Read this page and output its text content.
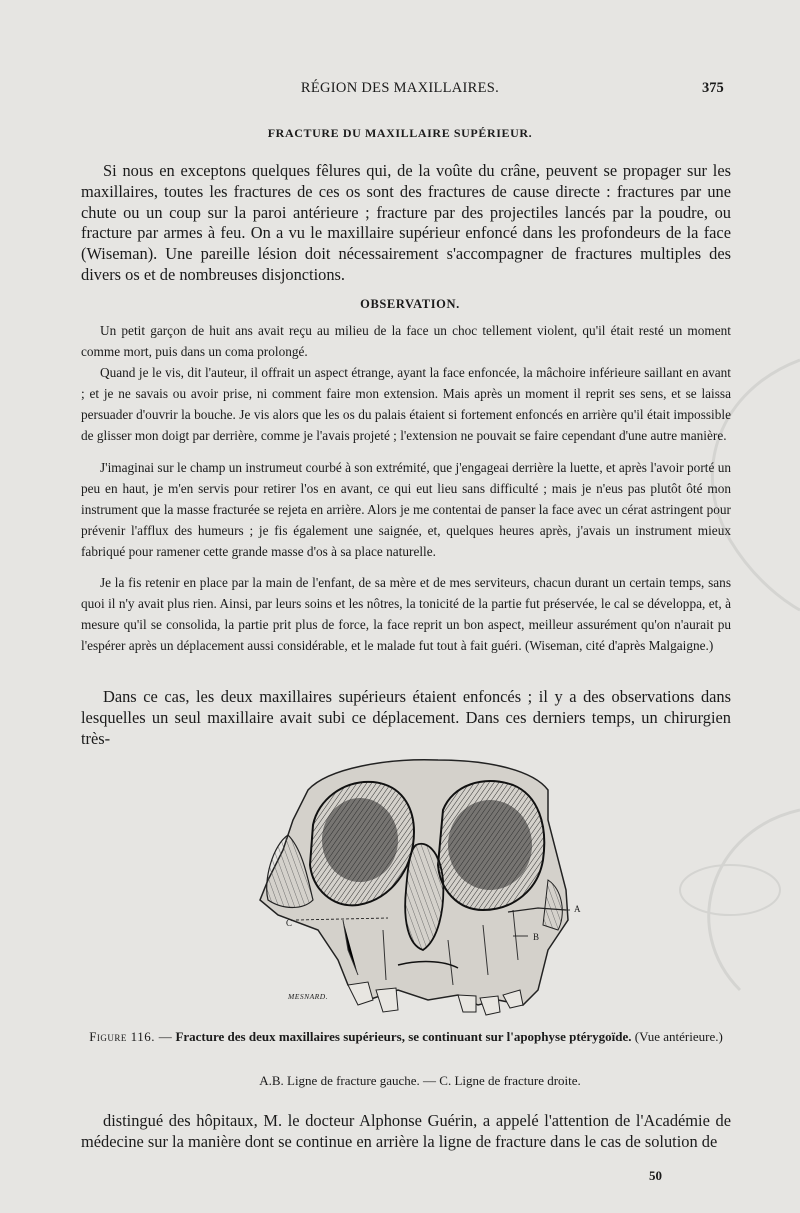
RÉGION DES MAXILLAIRES.	375
FRACTURE DU MAXILLAIRE SUPÉRIEUR.

Si nous en exceptons quelques fêlures qui, de la voûte du crâne, peuvent se propager sur les maxillaires, toutes les fractures de ces os sont des fractures de cause directe : fractures par une chute ou un coup sur la paroi antérieure ; fracture par des projectiles lancés par la poudre, ou fracture par armes à feu. On a vu le maxillaire supérieur enfoncé dans les profondeurs de la face (Wiseman). Une pareille lésion doit nécessairement s'accompagner de fractures multiples des divers os et de nombreuses disjonctions.

OBSERVATION.

Un petit garçon de huit ans avait reçu au milieu de la face un choc tellement violent, qu'il était resté un moment comme mort, puis dans un coma prolongé.

Quand je le vis, dit l'auteur, il offrait un aspect étrange, ayant la face enfoncée, la mâchoire inférieure saillant en avant ; et je ne savais ou avoir prise, ni comment faire mon extension. Mais après un moment il reprit ses sens, et se laissa persuader d'ouvrir la bouche. Je vis alors que les os du palais étaient si fortement enfoncés en arrière qu'il était impossible de glisser mon doigt par derrière, comme je l'avais projeté ; l'extension ne pouvait se faire cependant d'une autre manière.

J'imaginai sur le champ un instrumeut courbé à son extrémité, que j'engageai derrière la luette, et après l'avoir porté un peu en haut, je m'en servis pour retirer l'os en avant, ce qui eut lieu sans difficulté ; mais je n'eus pas plutôt ôté mon instrument que la masse fracturée se rejeta en arrière. Alors je me contentai de panser la face avec un cérat astringent pour prévenir l'afflux des humeurs ; je fis également une saignée, et, quelques heures après, j'avais un instrument mieux fabriqué pour ramener cette grande masse d'os à sa place naturelle.

Je la fis retenir en place par la main de l'enfant, de sa mère et de mes serviteurs, chacun durant un certain temps, sans quoi il n'y avait plus rien. Ainsi, par leurs soins et les nôtres, la tonicité de la partie fut préservée, le cal se développa, et, à mesure qu'il se consolida, la partie prit plus de force, la face reprit un bon aspect, meilleur assurément qu'on n'aurait pu l'espérer après un déplacement aussi considérable, et le malade fut tout à fait guéri. (Wiseman, cité d'après Malgaigne.)

Dans ce cas, les deux maxillaires supérieurs étaient enfoncés ; il y a des observations dans lesquelles un seul maxillaire avait subi ce déplacement. Dans ces derniers temps, un chirurgien très-

C
A
B
MESNARD.
Figure 116. — Fracture des deux maxillaires supérieurs, se continuant sur l'apophyse ptérygoïde. (Vue antérieure.)
A.B. Ligne de fracture gauche. — C. Ligne de fracture droite.

distingué des hôpitaux, M. le docteur Alphonse Guérin, a appelé l'attention de l'Académie de médecine sur la manière dont se continue en arrière la ligne de fracture dans le cas de solution de

50
